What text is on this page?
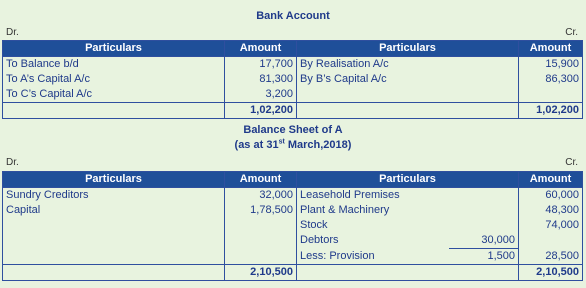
Bank Account
Dr.	Cr.
Particulars	Amount	Particulars	Amount
To Balance b/d	17,700	By Realisation A/c	15,900
To A’s Capital A/c	81,300	By B’s Capital A/c	86,300
To C’s Capital A/c	3,200		
	1,02,200		1,02,200
Balance Sheet of A
(as at 31st March,2018)
Dr.	Cr.
Particulars	Amount	Particulars		Amount
Sundry Creditors	32,000	Leasehold Premises		60,000
Capital	1,78,500	Plant & Machinery		48,300
		Stock		74,000
		Debtors	30,000	
		Less: Provision	1,500	28,500
	2,10,500			2,10,500
